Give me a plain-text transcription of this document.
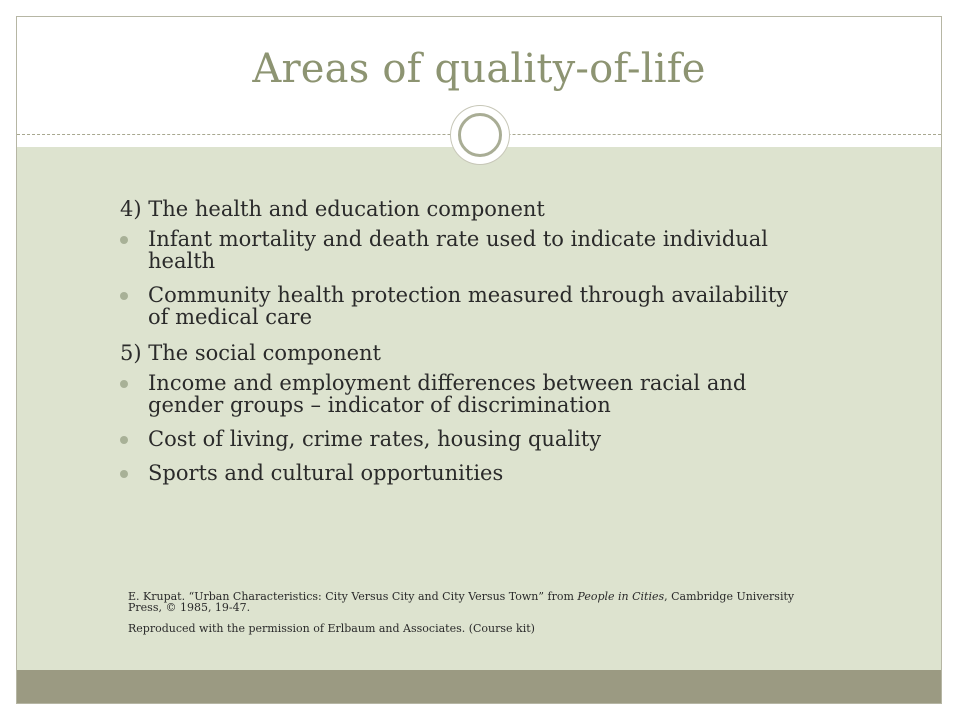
Areas of quality-of-life
4) The health and education component
Infant mortality and death rate used to indicate individual health
Community health protection measured through availability of medical care
5) The social component
Income and employment differences between racial and gender groups – indicator of discrimination
Cost of living, crime rates, housing quality
Sports and cultural opportunities

E. Krupat. “Urban Characteristics: City Versus City and City Versus Town” from People in Cities, Cambridge University Press, © 1985, 19-47.

Reproduced with the permission of Erlbaum and Associates. (Course kit)
